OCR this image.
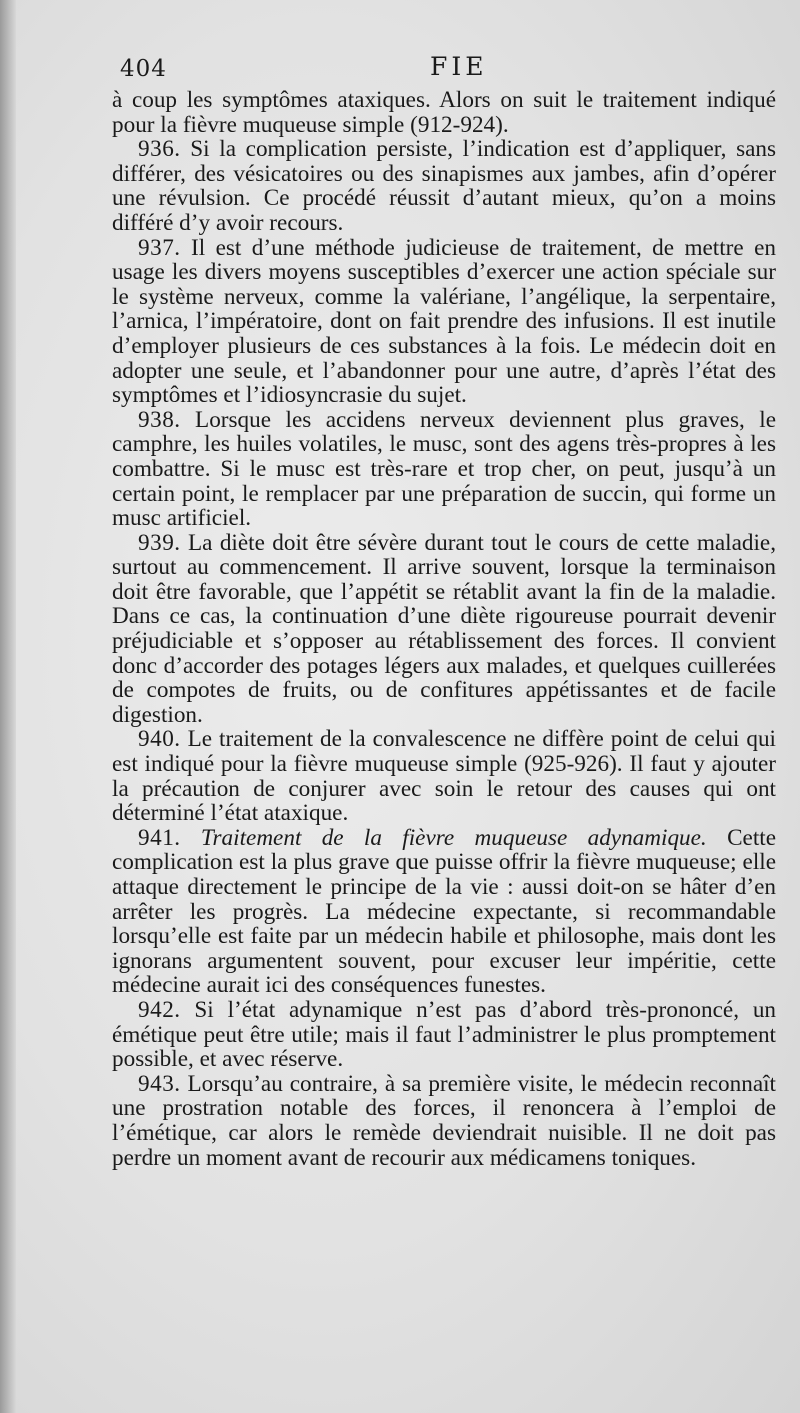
404	FIE

à coup les symptômes ataxiques. Alors on suit le traitement indiqué pour la fièvre muqueuse simple (912-924).

936. Si la complication persiste, l’indication est d’appliquer, sans différer, des vésicatoires ou des sinapismes aux jambes, afin d’opérer une révulsion. Ce procédé réussit d’autant mieux, qu’on a moins différé d’y avoir recours.

937. Il est d’une méthode judicieuse de traitement, de mettre en usage les divers moyens susceptibles d’exercer une action spéciale sur le système nerveux, comme la valériane, l’angélique, la serpentaire, l’arnica, l’impératoire, dont on fait prendre des infusions. Il est inutile d’employer plusieurs de ces substances à la fois. Le médecin doit en adopter une seule, et l’abandonner pour une autre, d’après l’état des symptômes et l’idiosyncrasie du sujet.

938. Lorsque les accidens nerveux deviennent plus graves, le camphre, les huiles volatiles, le musc, sont des agens très-propres à les combattre. Si le musc est très-rare et trop cher, on peut, jusqu’à un certain point, le remplacer par une préparation de succin, qui forme un musc artificiel.

939. La diète doit être sévère durant tout le cours de cette maladie, surtout au commencement. Il arrive souvent, lorsque la terminaison doit être favorable, que l’appétit se rétablit avant la fin de la maladie. Dans ce cas, la continuation d’une diète rigoureuse pourrait devenir préjudiciable et s’opposer au rétablissement des forces. Il convient donc d’accorder des potages légers aux malades, et quelques cuillerées de compotes de fruits, ou de confitures appétissantes et de facile digestion.

940. Le traitement de la convalescence ne diffère point de celui qui est indiqué pour la fièvre muqueuse simple (925-926). Il faut y ajouter la précaution de conjurer avec soin le retour des causes qui ont déterminé l’état ataxique.

941. Traitement de la fièvre muqueuse adynamique. Cette complication est la plus grave que puisse offrir la fièvre muqueuse; elle attaque directement le principe de la vie : aussi doit-on se hâter d’en arrêter les progrès. La médecine expectante, si recommandable lorsqu’elle est faite par un médecin habile et philosophe, mais dont les ignorans argumentent souvent, pour excuser leur impéritie, cette médecine aurait ici des conséquences funestes.

942. Si l’état adynamique n’est pas d’abord très-prononcé, un émétique peut être utile; mais il faut l’administrer le plus promptement possible, et avec réserve.

943. Lorsqu’au contraire, à sa première visite, le médecin reconnaît une prostration notable des forces, il renoncera à l’emploi de l’émétique, car alors le remède deviendrait nuisible. Il ne doit pas perdre un moment avant de recourir aux médicamens toniques.
